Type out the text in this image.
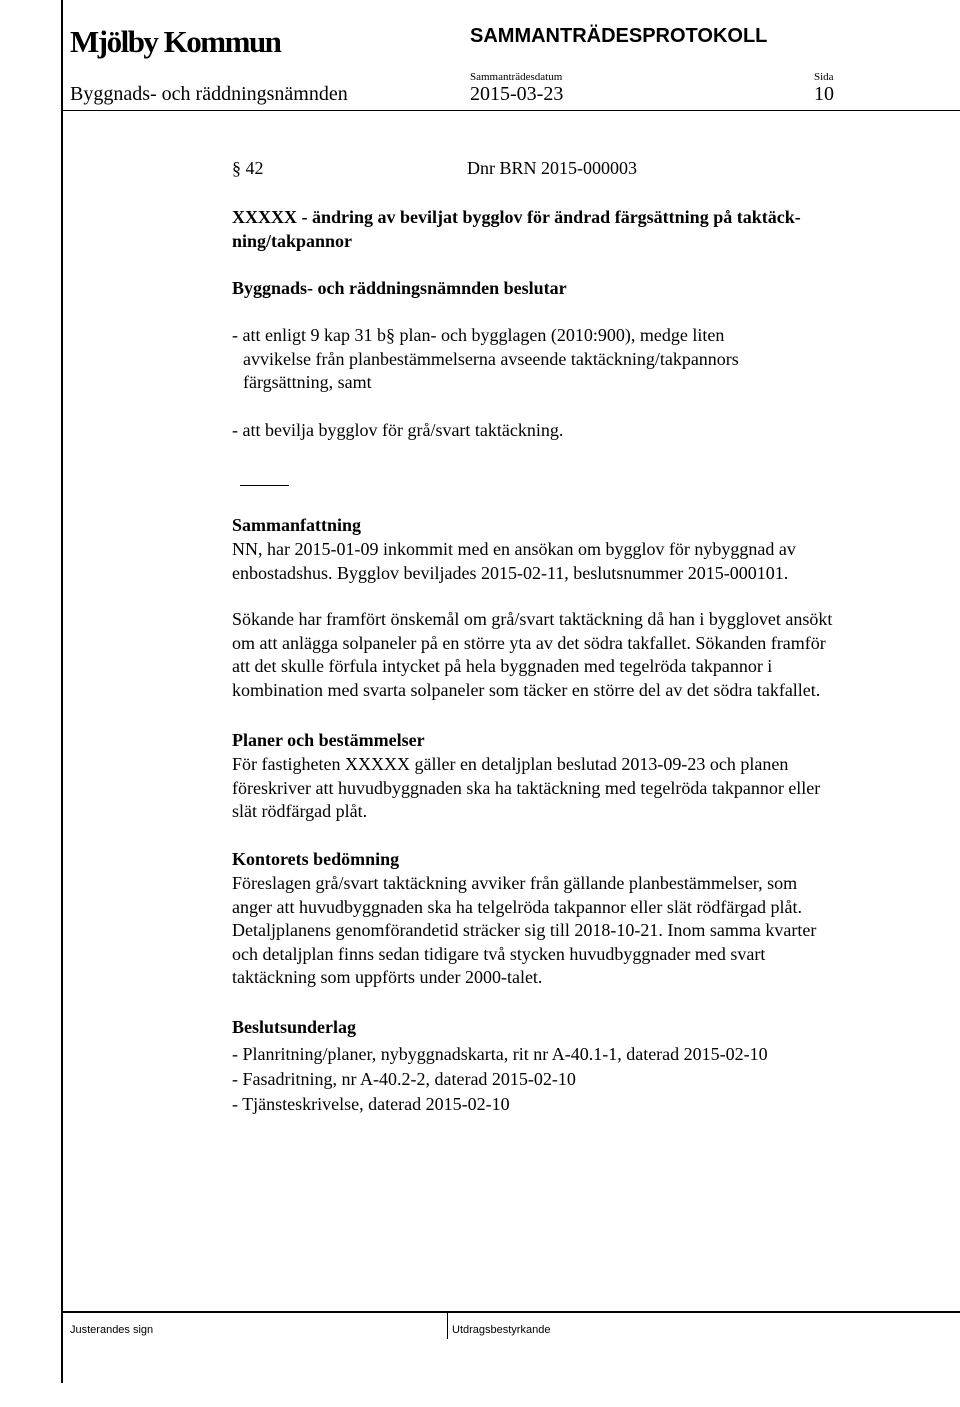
Mjölby Kommun	SAMMANTRÄDESPROTOKOLL
Byggnads- och räddningsnämnden
Sammanträdesdatum
2015-03-23
Sida
10
§ 42	Dnr BRN 2015-000003
XXXXX - ändring av beviljat bygglov för ändrad färgsättning på taktäck-
ning/takpannor
Byggnads- och räddningsnämnden beslutar
- att enligt 9 kap 31 b§ plan- och bygglagen (2010:900), medge liten
avvikelse från planbestämmelserna avseende taktäckning/takpannors
färgsättning, samt
- att bevilja bygglov för grå/svart taktäckning.
Sammanfattning
NN, har 2015-01-09 inkommit med en ansökan om bygglov för nybyggnad av
enbostadshus. Bygglov beviljades 2015-02-11, beslutsnummer 2015-000101.
Sökande har framfört önskemål om grå/svart taktäckning då han i bygglovet ansökt
om att anlägga solpaneler på en större yta av det södra takfallet. Sökanden framför
att det skulle förfula intycket på hela byggnaden med tegelröda takpannor i
kombination med svarta solpaneler som täcker en större del av det södra takfallet.
Planer och bestämmelser
För fastigheten XXXXX gäller en detaljplan beslutad 2013-09-23 och planen
föreskriver att huvudbyggnaden ska ha taktäckning med tegelröda takpannor eller
slät rödfärgad plåt.
Kontorets bedömning
Föreslagen grå/svart taktäckning avviker från gällande planbestämmelser, som
anger att huvudbyggnaden ska ha telgelröda takpannor eller slät rödfärgad plåt.
Detaljplanens genomförandetid sträcker sig till 2018-10-21. Inom samma kvarter
och detaljplan finns sedan tidigare två stycken huvudbyggnader med svart
taktäckning som uppförts under 2000-talet.
Beslutsunderlag
- Planritning/planer, nybyggnadskarta, rit nr A-40.1-1, daterad 2015-02-10
- Fasadritning, nr A-40.2-2, daterad 2015-02-10
- Tjänsteskrivelse, daterad 2015-02-10
Justerandes sign	Utdragsbestyrkande
